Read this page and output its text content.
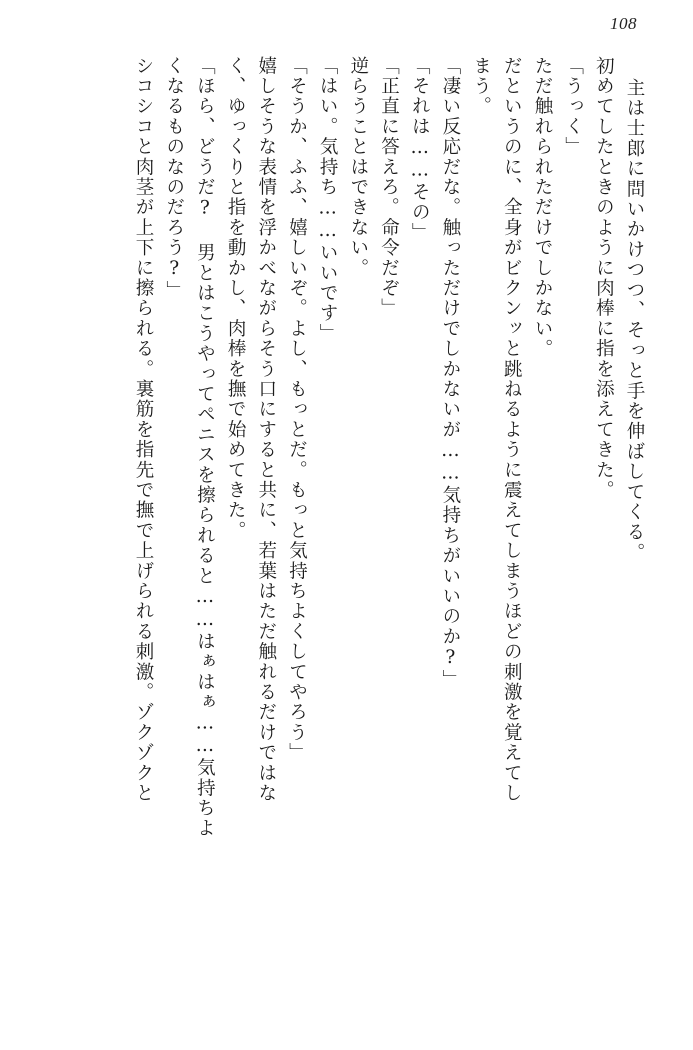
108
主は士郎に問いかけつつ、そっと手を伸ばしてくる。
初めてしたときのように肉棒に指を添えてきた。
「うっく」
ただ触れられただけでしかない。
だというのに、全身がビクンッと跳ねるように震えてしまうほどの刺激を覚えてし
まう。
「凄い反応だな。触っただけでしかないが……気持ちがいいのか?」
「それは……その」
「正直に答えろ。命令だぞ」
逆らうことはできない。
「はい。気持ち……いいです」
「そうか、ふふ、嬉しいぞ。よし、もっとだ。もっと気持ちよくしてやろう」
嬉しそうな表情を浮かべながらそう口にすると共に、若葉はただ触れるだけではな
く、ゆっくりと指を動かし、肉棒を撫で始めてきた。
「ほら、どうだ? 男とはこうやってペニスを擦られると……はぁはぁ……気持ちよ
くなるものなのだろう?」
シコシコと肉茎が上下に擦られる。裏筋を指先で撫で上げられる刺激。ゾクゾクと
